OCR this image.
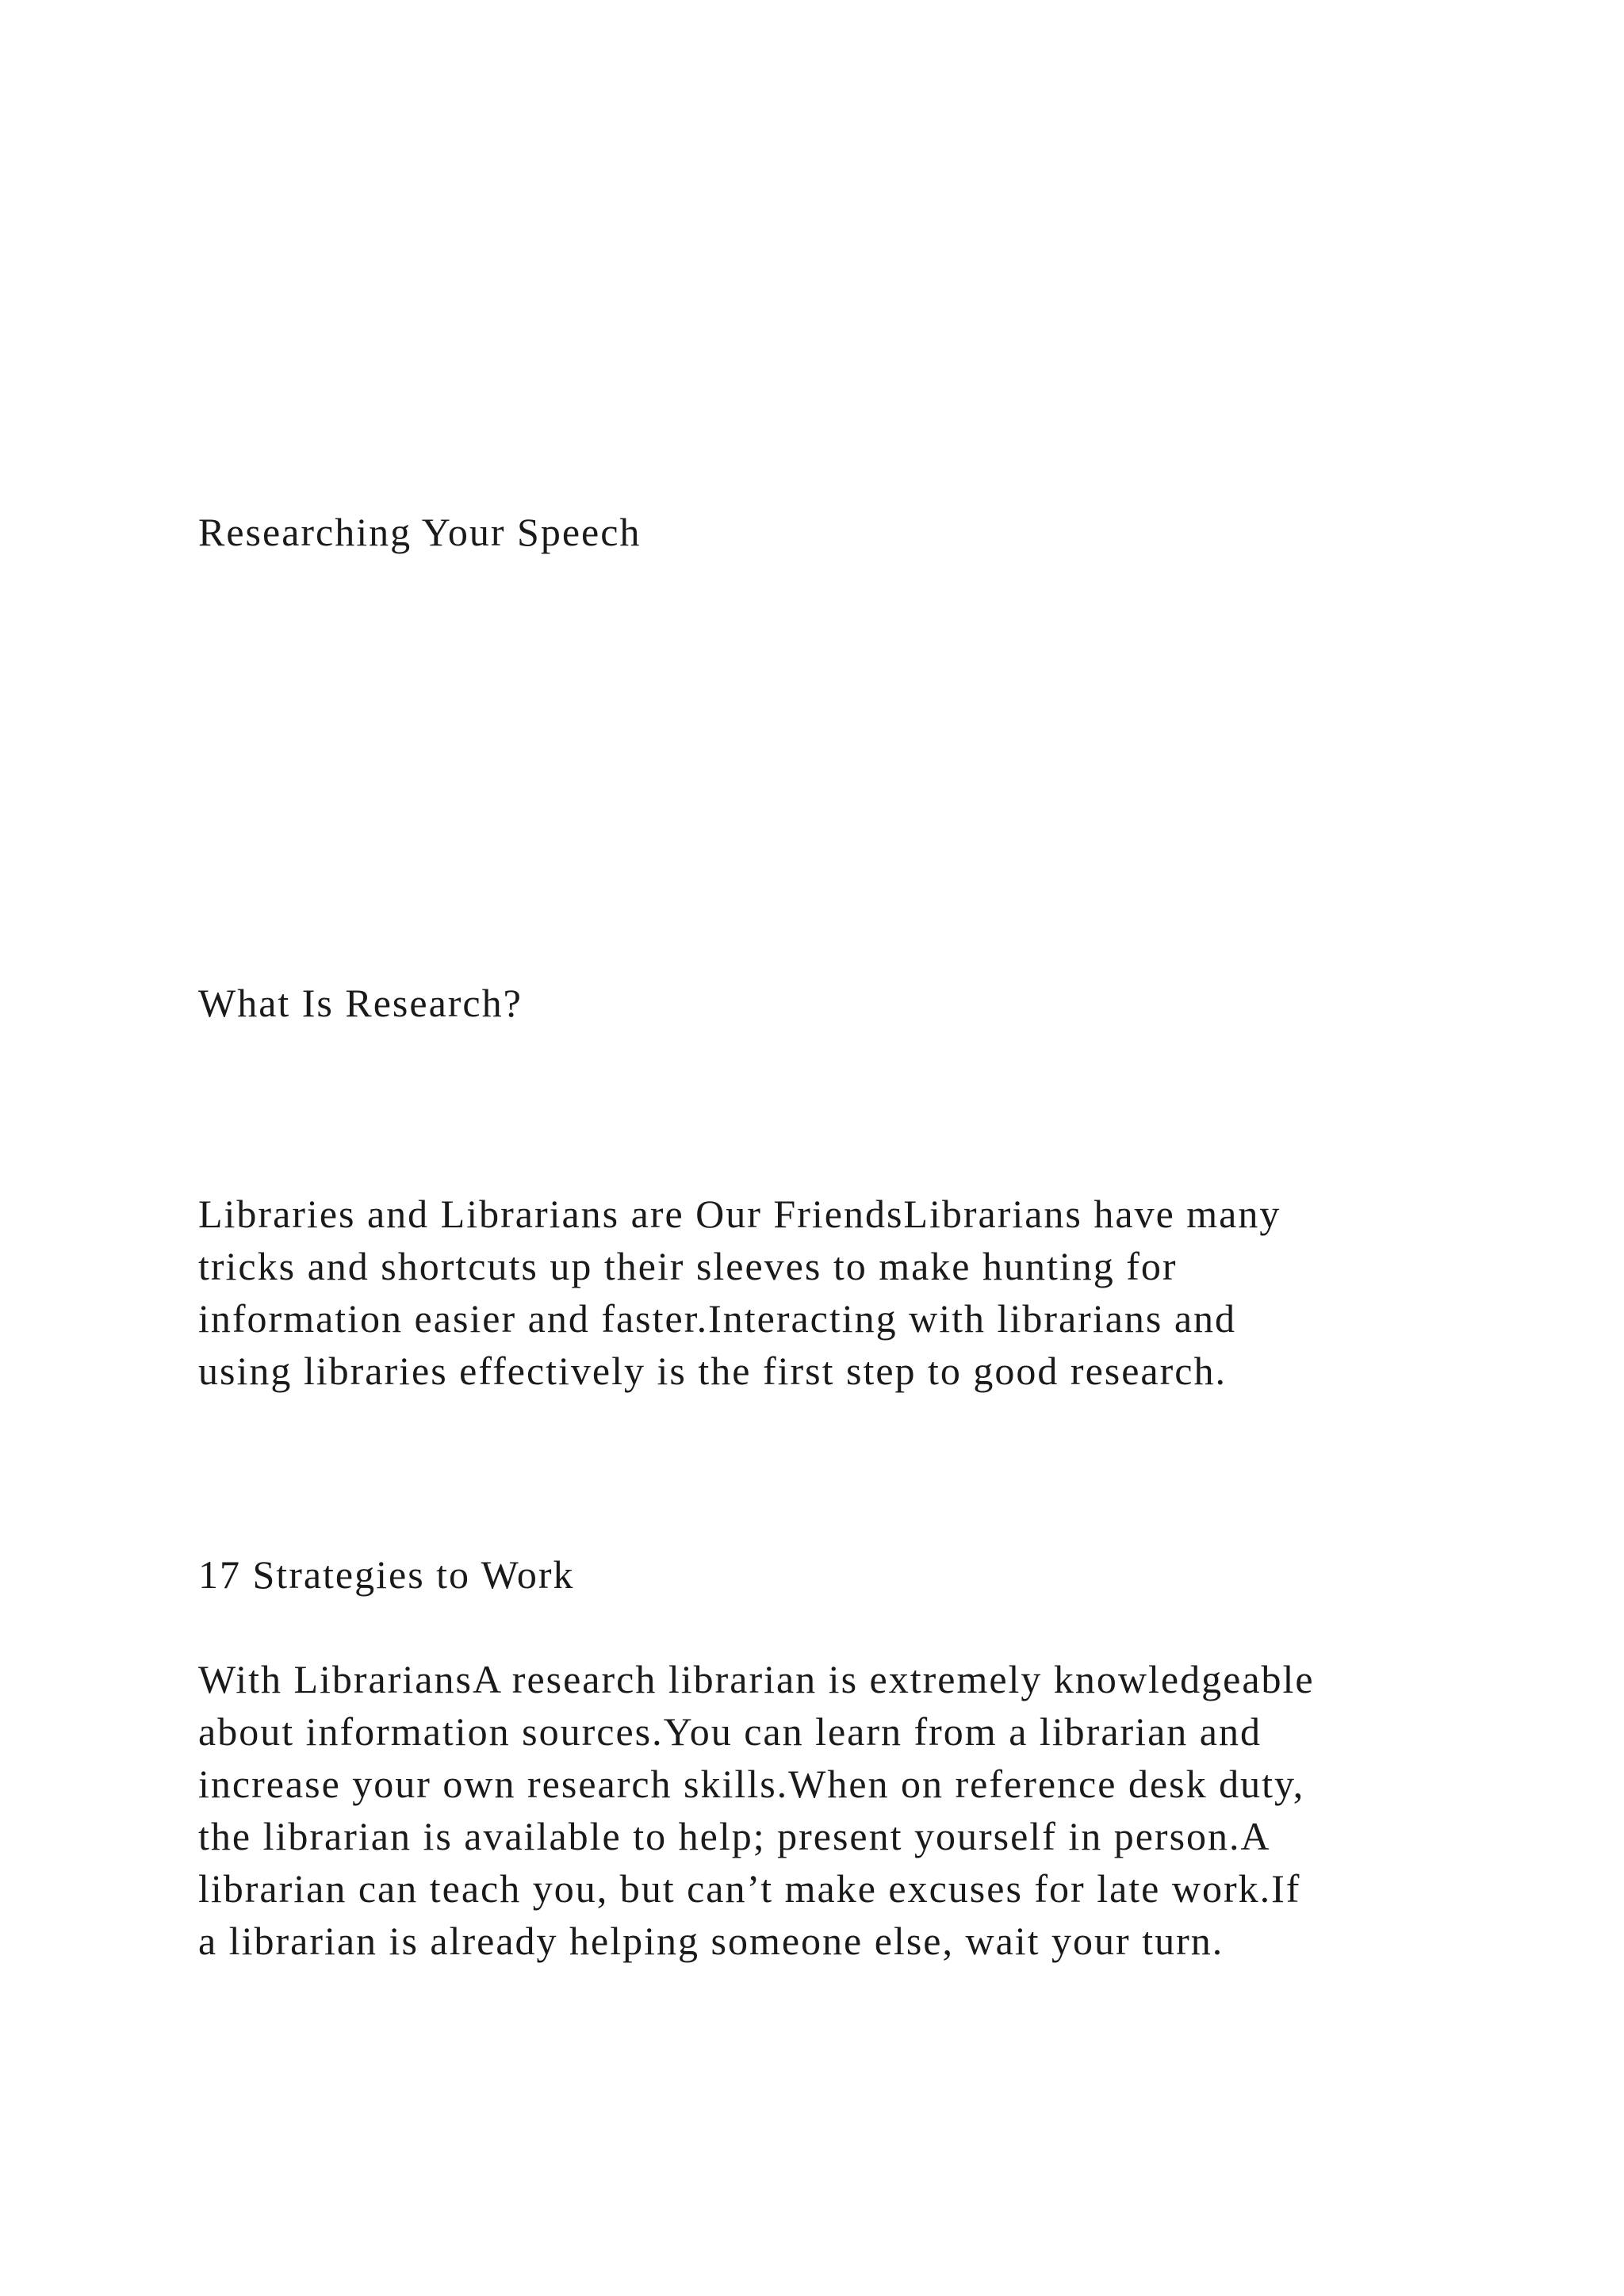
Researching Your Speech
What Is Research?

Libraries and Librarians are Our FriendsLibrarians have many
tricks and shortcuts up their sleeves to make hunting for
information easier and faster.Interacting with librarians and
using libraries effectively is the first step to good research.

17 Strategies to Work

With LibrariansA research librarian is extremely knowledgeable
about information sources.You can learn from a librarian and
increase your own research skills.When on reference desk duty,
the librarian is available to help; present yourself in person.A
librarian can teach you, but can’t make excuses for late work.If
a librarian is already helping someone else, wait your turn.
